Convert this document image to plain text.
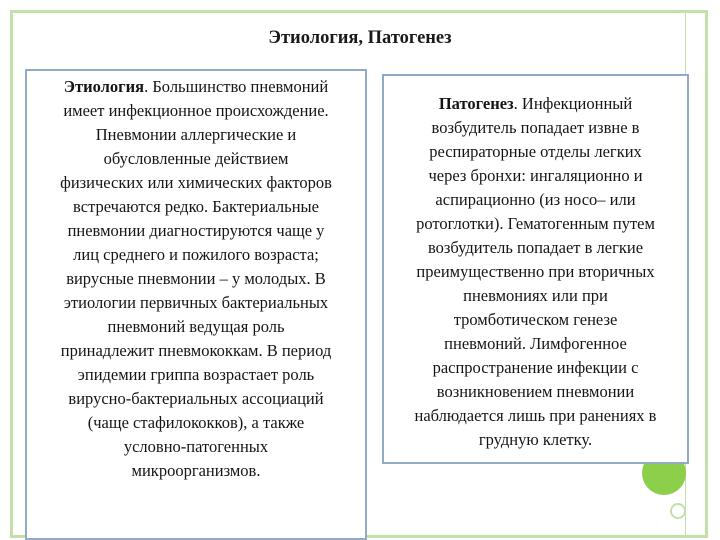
Этиология, Патогенез
Этиология. Большинство пневмоний
имеет инфекционное происхождение.
Пневмонии аллергические и
обусловленные действием
физических или химических факторов
встречаются редко. Бактериальные
пневмонии диагностируются чаще у
лиц среднего и пожилого возраста;
вирусные пневмонии – у молодых. В
этиологии первичных бактериальных
пневмоний ведущая роль
принадлежит пневмококкам. В период
эпидемии гриппа возрастает роль
вирусно-бактериальных ассоциаций
(чаще стафилококков), а также
условно-патогенных
микроорганизмов.
Патогенез. Инфекционный
возбудитель попадает извне в
респираторные отделы легких
через бронхи: ингаляционно и
аспирационно (из носо– или
ротоглотки). Гематогенным путем
возбудитель попадает в легкие
преимущественно при вторичных
пневмониях или при
тромботическом генезе
пневмоний. Лимфогенное
распространение инфекции с
возникновением пневмонии
наблюдается лишь при ранениях в
грудную клетку.
